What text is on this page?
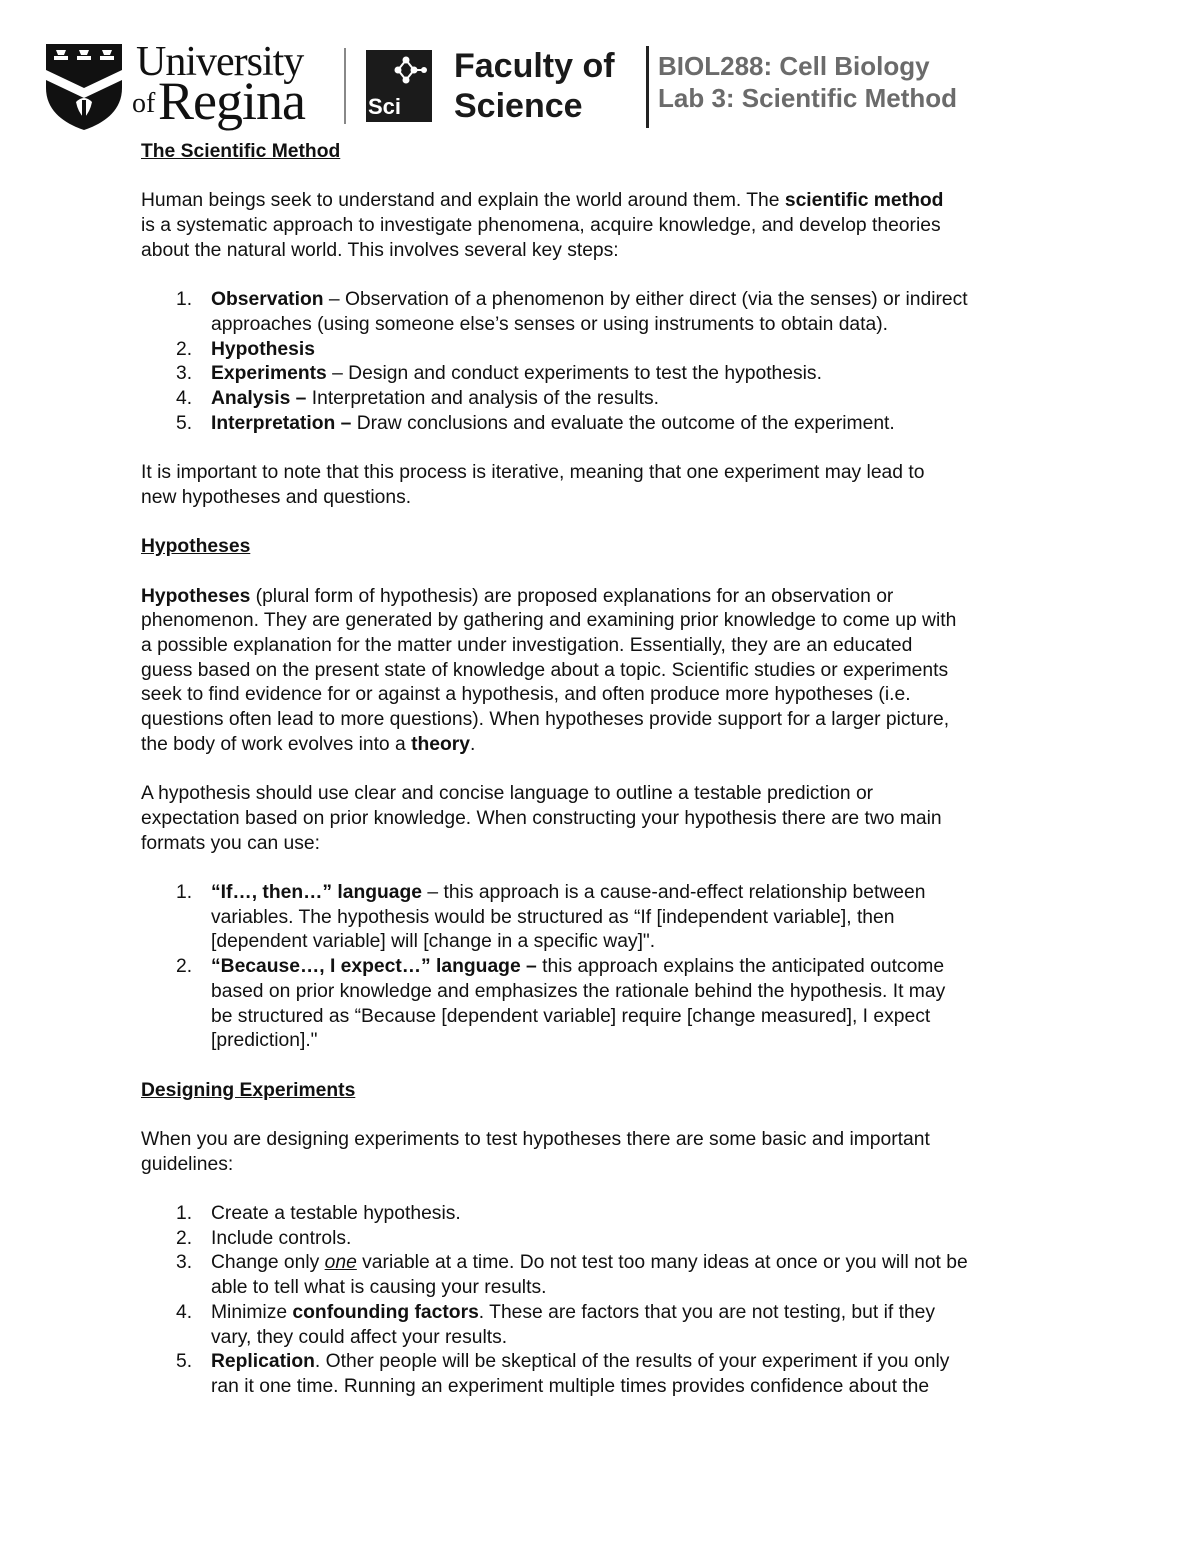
University
of Regina	Sci
Faculty of
Science
BIOL288: Cell Biology
Lab 3: Scientific Method

The Scientific Method

Human beings seek to understand and explain the world around them. The scientific method

is a systematic approach to investigate phenomena, acquire knowledge, and develop theories

about the natural world. This involves several key steps:

1. Observation – Observation of a phenomenon by either direct (via the senses) or indirect
approaches (using someone else’s senses or using instruments to obtain data).
2. Hypothesis
3. Experiments – Design and conduct experiments to test the hypothesis.
4. Analysis – Interpretation and analysis of the results.
5. Interpretation – Draw conclusions and evaluate the outcome of the experiment.

It is important to note that this process is iterative, meaning that one experiment may lead to

new hypotheses and questions.

Hypotheses

Hypotheses (plural form of hypothesis) are proposed explanations for an observation or

phenomenon. They are generated by gathering and examining prior knowledge to come up with

a possible explanation for the matter under investigation. Essentially, they are an educated

guess based on the present state of knowledge about a topic. Scientific studies or experiments

seek to find evidence for or against a hypothesis, and often produce more hypotheses (i.e.

questions often lead to more questions). When hypotheses provide support for a larger picture,

the body of work evolves into a theory.

A hypothesis should use clear and concise language to outline a testable prediction or

expectation based on prior knowledge. When constructing your hypothesis there are two main

formats you can use:

1. “If…, then…” language – this approach is a cause-and-effect relationship between
variables. The hypothesis would be structured as “If [independent variable], then
[dependent variable] will [change in a specific way]".
2. “Because…, I expect…” language – this approach explains the anticipated outcome
based on prior knowledge and emphasizes the rationale behind the hypothesis. It may
be structured as “Because [dependent variable] require [change measured], I expect
[prediction]."

Designing Experiments

When you are designing experiments to test hypotheses there are some basic and important

guidelines:

1. Create a testable hypothesis.
2. Include controls.
3. Change only one variable at a time. Do not test too many ideas at once or you will not be
able to tell what is causing your results.
4. Minimize confounding factors. These are factors that you are not testing, but if they
vary, they could affect your results.
5. Replication. Other people will be skeptical of the results of your experiment if you only
ran it one time. Running an experiment multiple times provides confidence about the
